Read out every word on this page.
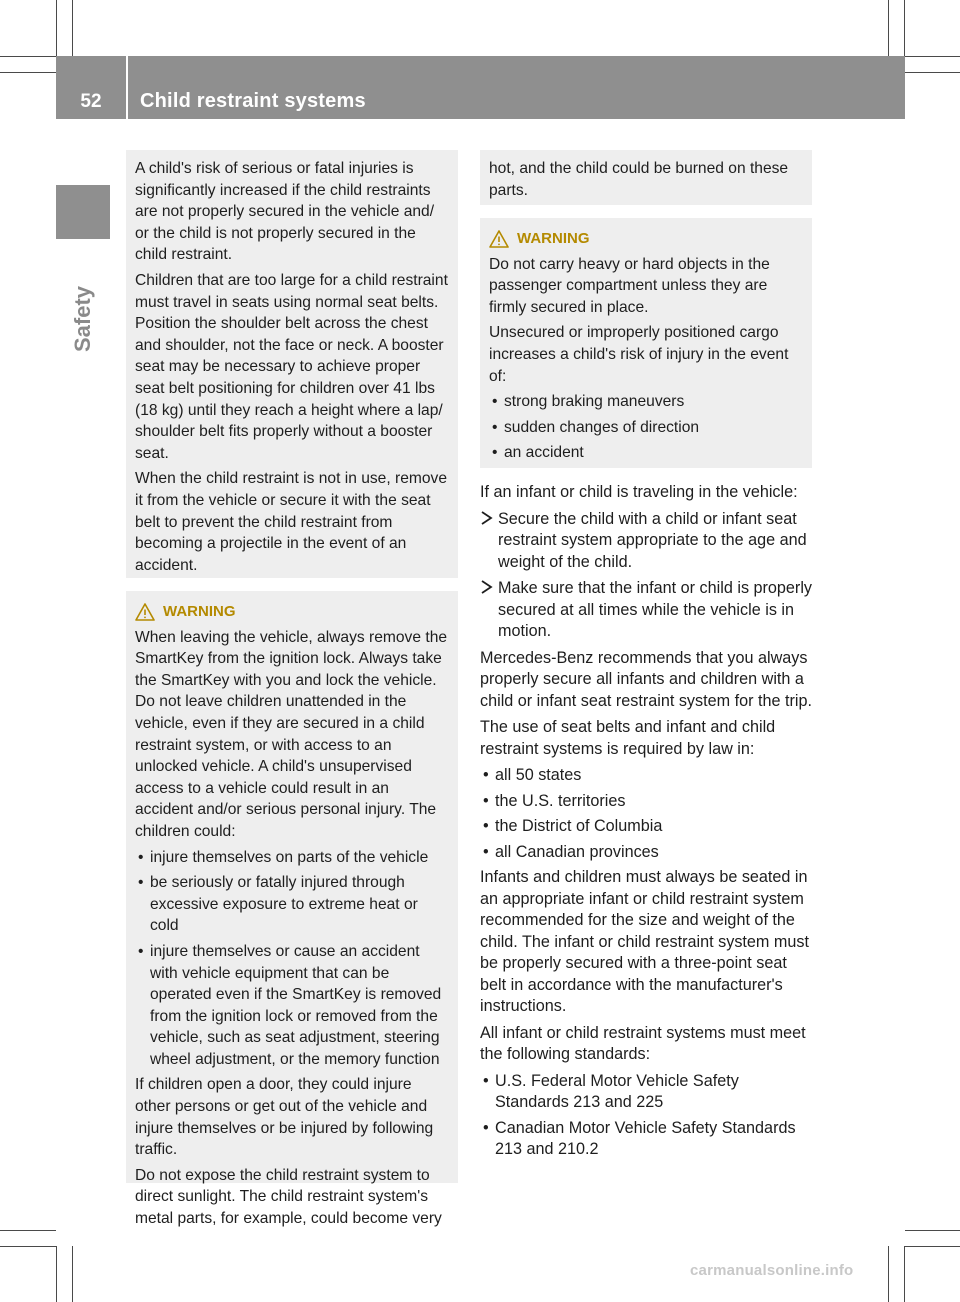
52	Child restraint systems
Safety

A child's risk of serious or fatal injuries is significantly increased if the child restraints are not properly secured in the vehicle and/ or the child is not properly secured in the child restraint.

Children that are too large for a child restraint must travel in seats using normal seat belts. Position the shoulder belt across the chest and shoulder, not the face or neck. A booster seat may be necessary to achieve proper seat belt positioning for children over 41 lbs (18 kg) until they reach a height where a lap/ shoulder belt fits properly without a booster seat.

When the child restraint is not in use, remove it from the vehicle or secure it with the seat belt to prevent the child restraint from becoming a projectile in the event of an accident.

WARNING

When leaving the vehicle, always remove the SmartKey from the ignition lock. Always take the SmartKey with you and lock the vehicle. Do not leave children unattended in the vehicle, even if they are secured in a child restraint system, or with access to an unlocked vehicle. A child's unsupervised access to a vehicle could result in an accident and/or serious personal injury. The children could:

• injure themselves on parts of the vehicle
• be seriously or fatally injured through excessive exposure to extreme heat or cold
• injure themselves or cause an accident with vehicle equipment that can be operated even if the SmartKey is removed from the ignition lock or removed from the vehicle, such as seat adjustment, steering wheel adjustment, or the memory function

If children open a door, they could injure other persons or get out of the vehicle and injure themselves or be injured by following traffic.

Do not expose the child restraint system to direct sunlight. The child restraint system's metal parts, for example, could become very

hot, and the child could be burned on these parts.

WARNING

Do not carry heavy or hard objects in the passenger compartment unless they are firmly secured in place.

Unsecured or improperly positioned cargo increases a child's risk of injury in the event of:

• strong braking maneuvers
• sudden changes of direction
• an accident

If an infant or child is traveling in the vehicle:

Secure the child with a child or infant seat restraint system appropriate to the age and weight of the child.
Make sure that the infant or child is properly secured at all times while the vehicle is in motion.

Mercedes-Benz recommends that you always properly secure all infants and children with a child or infant seat restraint system for the trip.

The use of seat belts and infant and child restraint systems is required by law in:

• all 50 states
• the U.S. territories
• the District of Columbia
• all Canadian provinces

Infants and children must always be seated in an appropriate infant or child restraint system recommended for the size and weight of the child. The infant or child restraint system must be properly secured with a three-point seat belt in accordance with the manufacturer's instructions.

All infant or child restraint systems must meet the following standards:

• U.S. Federal Motor Vehicle Safety Standards 213 and 225
• Canadian Motor Vehicle Safety Standards 213 and 210.2
carmanualsonline.info
